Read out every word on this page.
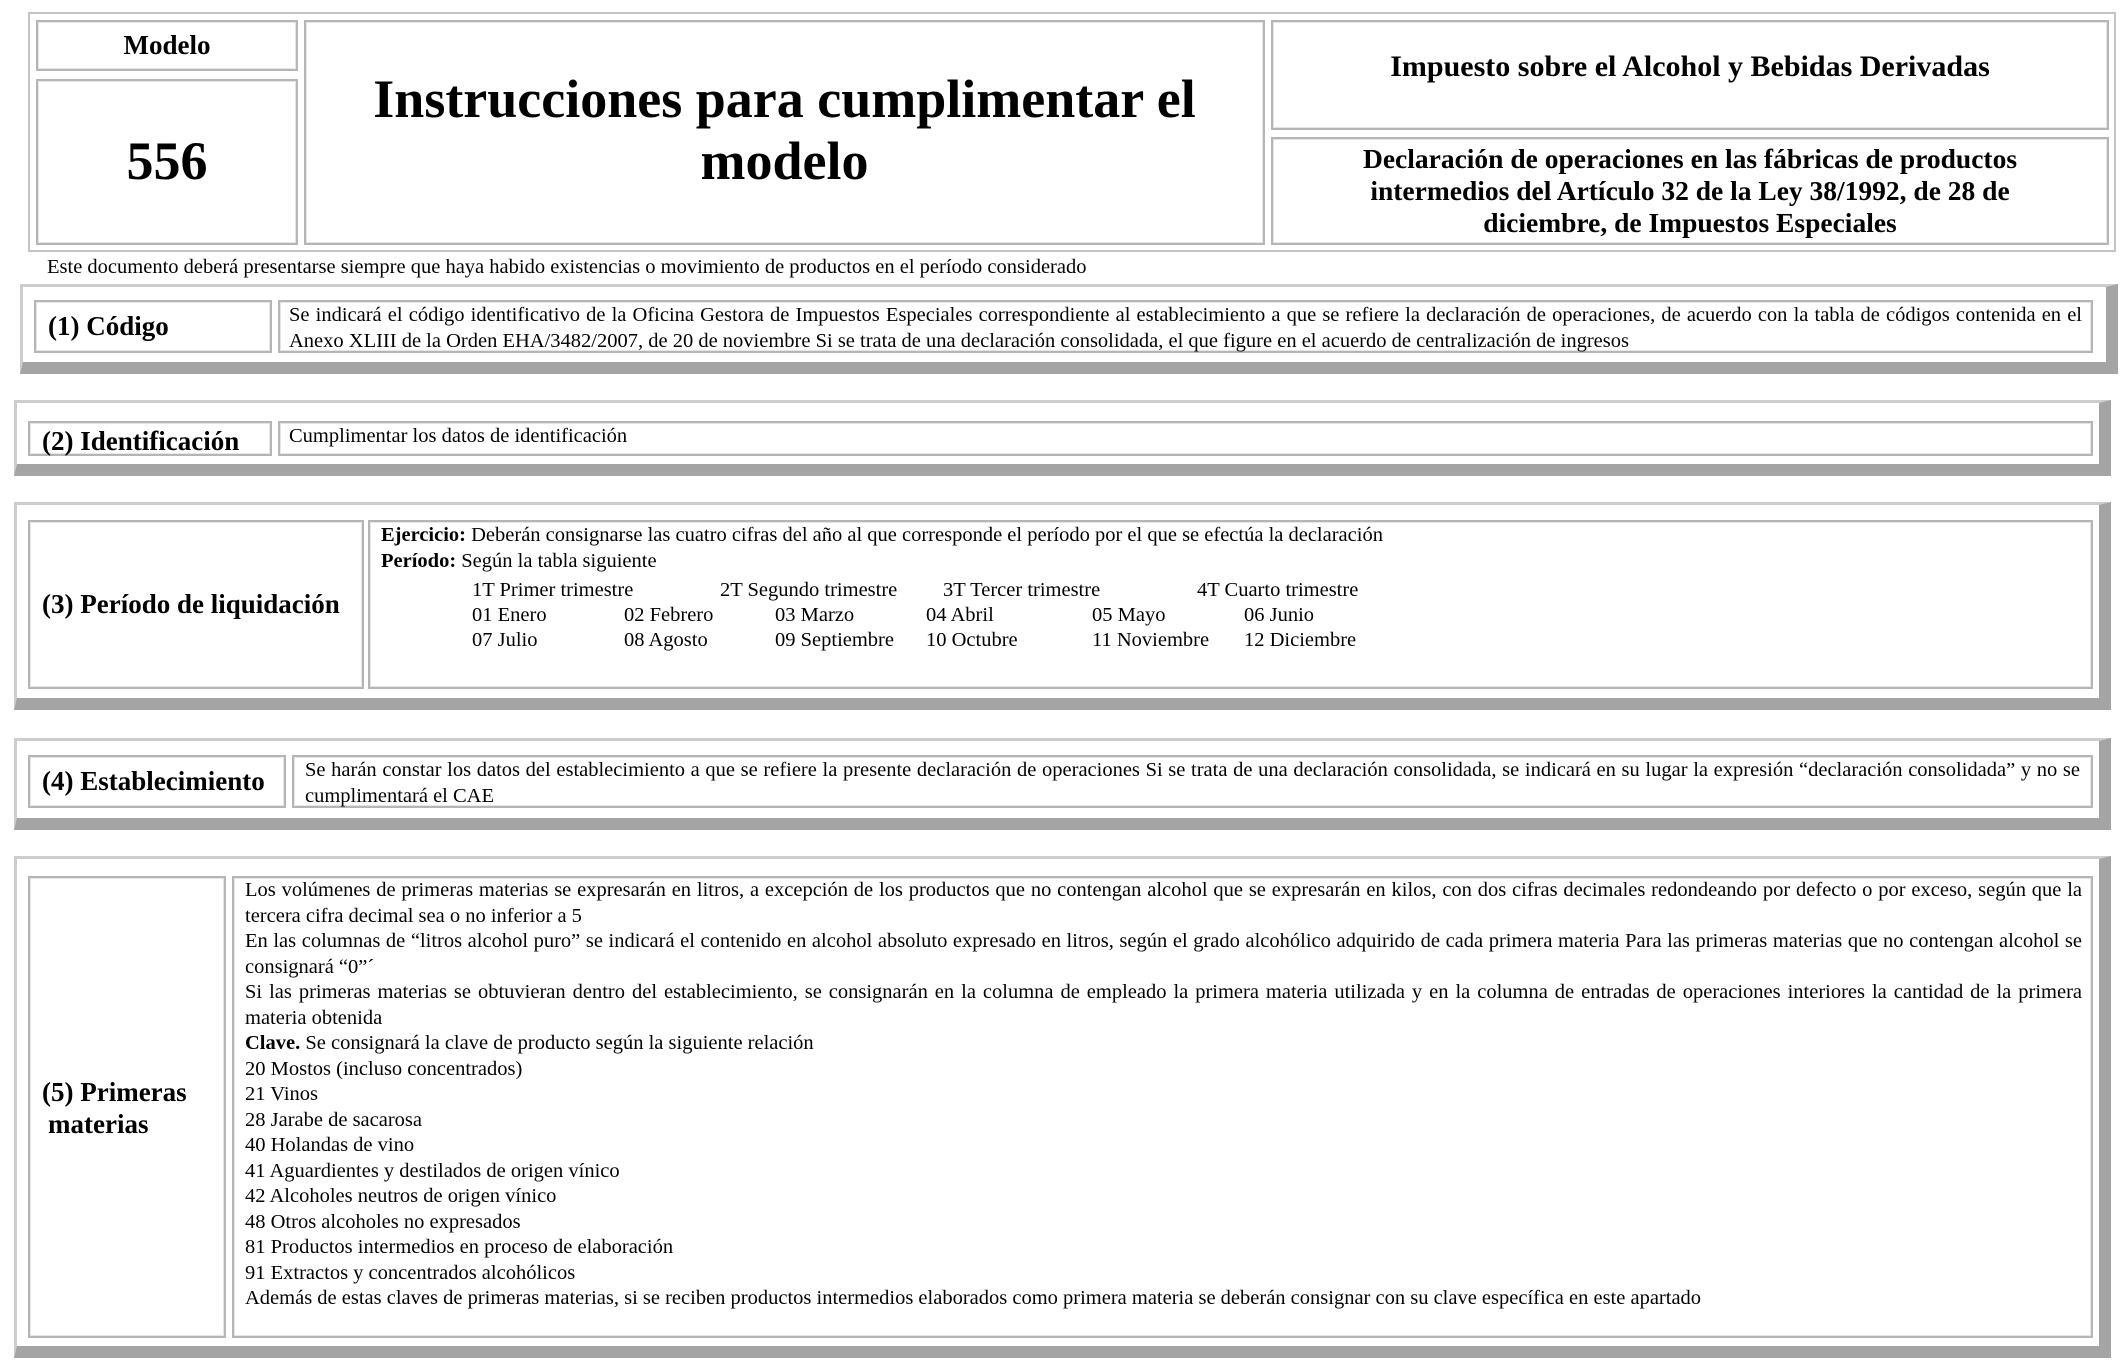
Modelo
556
Instrucciones para cumplimentar el modelo
Impuesto sobre el Alcohol y Bebidas Derivadas
Declaración de operaciones en las fábricas de productos intermedios del Artículo 32 de la Ley 38/1992, de 28 de diciembre, de Impuestos Especiales
Este documento deberá presentarse siempre que haya habido existencias o movimiento de productos en el período considerado
(1) Código	Se indicará el código identificativo de la Oficina Gestora de Impuestos Especiales correspondiente al establecimiento a que se refiere la declaración de operaciones, de acuerdo con la tabla de códigos contenida en el Anexo XLIII de la Orden EHA/3482/2007, de 20 de noviembre Si se trata de una declaración consolidada, el que figure en el acuerdo de centralización de ingresos
(2) Identificación	Cumplimentar los datos de identificación
(3) Período de liquidación

Ejercicio: Deberán consignarse las cuatro cifras del año al que corresponde el período por el que se efectúa la declaración

Período: Según la tabla siguiente

1T Primer trimestre	2T Segundo trimestre 3T Tercer trimestre	4T Cuarto trimestre
01 Enero	02 Febrero	03 Marzo	04 Abril	05 Mayo	06 Junio
07 Julio	08 Agosto	09 Septiembre 10 Octubre	11 Noviembre 12 Diciembre
(4) Establecimiento	Se harán constar los datos del establecimiento a que se refiere la presente declaración de operaciones Si se trata de una declaración consolidada, se indicará en su lugar la expresión “declaración consolidada” y no se cumplimentará el CAE
(5) Primeras
materias

Los volúmenes de primeras materias se expresarán en litros, a excepción de los productos que no contengan alcohol que se expresarán en kilos, con dos cifras decimales redondeando por defecto o por exceso, según que la tercera cifra decimal sea o no inferior a 5

En las columnas de “litros alcohol puro” se indicará el contenido en alcohol absoluto expresado en litros, según el grado alcohólico adquirido de cada primera materia Para las primeras materias que no contengan alcohol se consignará “0”´

Si las primeras materias se obtuvieran dentro del establecimiento, se consignarán en la columna de empleado la primera materia utilizada y en la columna de entradas de operaciones interiores la cantidad de la primera materia obtenida

Clave. Se consignará la clave de producto según la siguiente relación

20 Mostos (incluso concentrados)

21 Vinos

28 Jarabe de sacarosa

40 Holandas de vino

41 Aguardientes y destilados de origen vínico

42 Alcoholes neutros de origen vínico

48 Otros alcoholes no expresados

81 Productos intermedios en proceso de elaboración

91 Extractos y concentrados alcohólicos

Además de estas claves de primeras materias, si se reciben productos intermedios elaborados como primera materia se deberán consignar con su clave específica en este apartado
